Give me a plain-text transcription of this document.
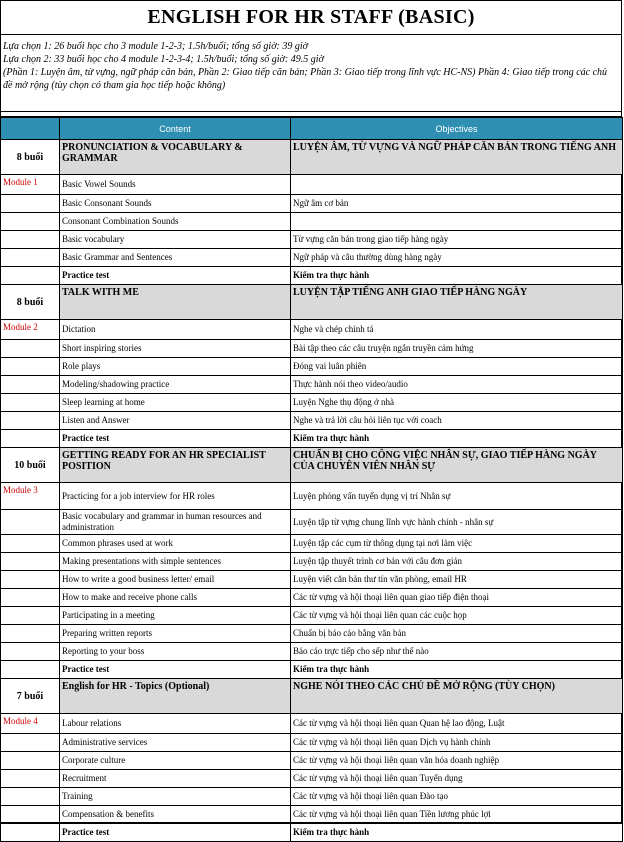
ENGLISH FOR HR STAFF (BASIC)
Lựa chọn 1: 26 buổi học cho 3 module 1-2-3; 1.5h/buổi; tổng số giờ: 39 giờ
Lựa chọn 2: 33 buổi học cho 4 module 1-2-3-4; 1.5h/buổi; tổng số giờ: 49.5 giờ
(Phần 1: Luyện âm, từ vựng, ngữ pháp căn bản, Phần 2: Giao tiếp căn bản; Phần 3: Giao tiếp trong lĩnh vực HC-NS) Phần 4: Giao tiếp trong các chủ đề mở rộng (tùy chọn có tham gia học tiếp hoặc không)
	Content	Objectives
8 buổi	PRONUNCIATION & VOCABULARY & GRAMMAR	LUYỆN ÂM, TỪ VỰNG VÀ NGỮ PHÁP CĂN BẢN TRONG TIẾNG ANH
Module 1	Basic Vowel Sounds	
	Basic Consonant Sounds	Ngữ âm cơ bản
	Consonant Combination Sounds	
	Basic vocabulary	Từ vựng căn bản trong giao tiếp hàng ngày
	Basic Grammar and Sentences	Ngữ pháp và câu thường dùng hàng ngày
	Practice test	Kiểm tra thực hành
8 buổi	TALK WITH ME	LUYỆN TẬP TIẾNG ANH GIAO TIẾP HÀNG NGÀY
Module 2	Dictation	Nghe và chép chính tả
	Short inspiring stories	Bài tập theo các câu truyện ngắn truyền cảm hứng
	Role plays	Đóng vai luân phiên
	Modeling/shadowing practice	Thực hành nói theo video/audio
	Sleep learning at home	Luyện Nghe thụ động ở nhà
	Listen and Answer	Nghe và trả lời câu hỏi liên tục với coach
	Practice test	Kiểm tra thực hành
10 buổi	GETTING READY FOR AN HR SPECIALIST POSITION	CHUẨN BỊ CHO CÔNG VIỆC NHÂN SỰ, GIAO TIẾP HÀNG NGÀY CỦA CHUYÊN VIÊN NHÂN SỰ
Module 3	Practicing for a job interview for HR roles	Luyện phỏng vấn tuyển dụng vị trí Nhân sự
	Basic vocabulary and grammar in human resources and administration	Luyện tập từ vựng chung lĩnh vực hành chính - nhân sự
	Common phrases used at work	Luyện tập các cụm từ thông dụng tại nơi làm việc
	Making presentations with simple sentences	Luyện tập thuyết trình cơ bản với câu đơn giản
	How to write a good business letter/ email	Luyện viết căn bản thư tín văn phòng, email HR
	How to make and receive phone calls	Các từ vựng và hội thoại liên quan giao tiếp điện thoại
	Participating in a meeting	Các từ vựng và hội thoại liên quan các cuộc họp
	Preparing written reports	Chuẩn bị báo cáo bằng văn bản
	Reporting to your boss	Báo cáo trực tiếp cho sếp như thế nào
	Practice test	Kiểm tra thực hành
7 buổi	English for HR - Topics (Optional)	NGHE NÓI THEO CÁC CHỦ ĐỀ MỞ RỘNG (TÙY CHỌN)
Module 4	Labour relations	Các từ vựng và hội thoại liên quan Quan hệ lao động, Luật
	Administrative services	Các từ vựng và hội thoại liên quan Dịch vụ hành chính
	Corporate culture	Các từ vựng và hội thoại liên quan văn hóa doanh nghiệp
	Recruitment	Các từ vựng và hội thoại liên quan Tuyển dụng
	Training	Các từ vựng và hội thoại liên quan Đào tạo
	Compensation & benefits	Các từ vựng và hội thoại liên quan Tiền lương phúc lợi
	Practice test	Kiểm tra thực hành
